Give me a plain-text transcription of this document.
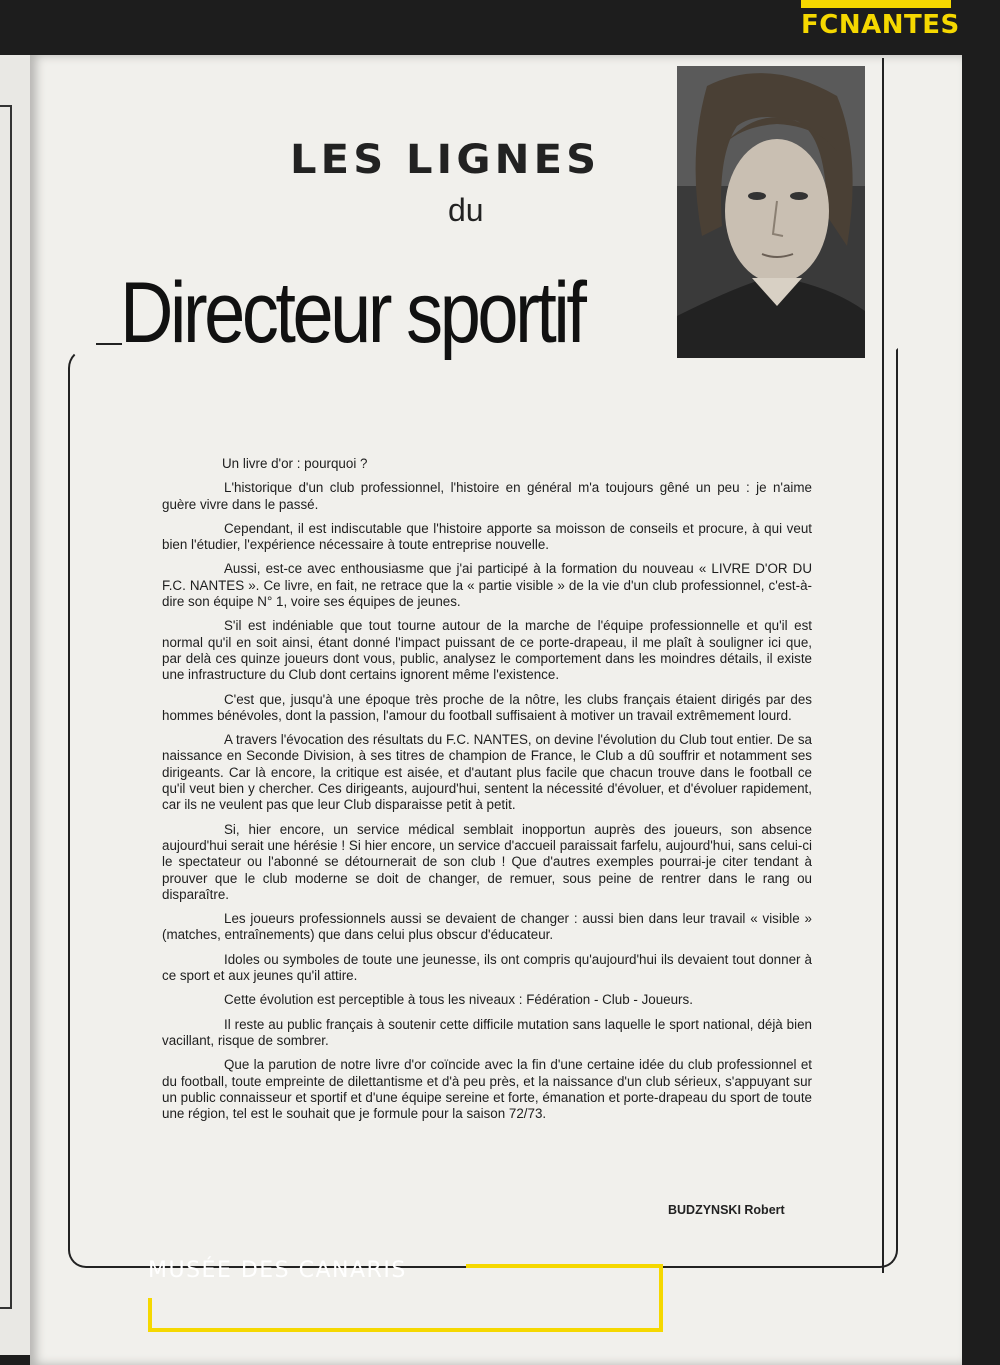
FCNANTES
LES LIGNES
du
Directeur sportif

Un livre d'or : pourquoi ?

L'historique d'un club professionnel, l'histoire en général m'a toujours gêné un peu : je n'aime guère vivre dans le passé.

Cependant, il est indiscutable que l'histoire apporte sa moisson de conseils et procure, à qui veut bien l'étudier, l'expérience nécessaire à toute entreprise nouvelle.

Aussi, est-ce avec enthousiasme que j'ai participé à la formation du nouveau « LIVRE D'OR DU F.C. NANTES ». Ce livre, en fait, ne retrace que la « partie visible » de la vie d'un club professionnel, c'est-à-dire son équipe N° 1, voire ses équipes de jeunes.

S'il est indéniable que tout tourne autour de la marche de l'équipe professionnelle et qu'il est normal qu'il en soit ainsi, étant donné l'impact puissant de ce porte-drapeau, il me plaît à souligner ici que, par delà ces quinze joueurs dont vous, public, analysez le comportement dans les moindres détails, il existe une infrastructure du Club dont certains ignorent même l'existence.

C'est que, jusqu'à une époque très proche de la nôtre, les clubs français étaient dirigés par des hommes bénévoles, dont la passion, l'amour du football suffisaient à motiver un travail extrêmement lourd.

A travers l'évocation des résultats du F.C. NANTES, on devine l'évolution du Club tout entier. De sa naissance en Seconde Division, à ses titres de champion de France, le Club a dû souffrir et notamment ses dirigeants. Car là encore, la critique est aisée, et d'autant plus facile que chacun trouve dans le football ce qu'il veut bien y chercher. Ces dirigeants, aujourd'hui, sentent la nécessité d'évoluer, et d'évoluer rapidement, car ils ne veulent pas que leur Club disparaisse petit à petit.

Si, hier encore, un service médical semblait inopportun auprès des joueurs, son absence aujourd'hui serait une hérésie ! Si hier encore, un service d'accueil paraissait farfelu, aujourd'hui, sans celui-ci le spectateur ou l'abonné se détournerait de son club ! Que d'autres exemples pourrai-je citer tendant à prouver que le club moderne se doit de changer, de remuer, sous peine de rentrer dans le rang ou disparaître.

Les joueurs professionnels aussi se devaient de changer : aussi bien dans leur travail « visible » (matches, entraînements) que dans celui plus obscur d'éducateur.

Idoles ou symboles de toute une jeunesse, ils ont compris qu'aujourd'hui ils devaient tout donner à ce sport et aux jeunes qu'il attire.

Cette évolution est perceptible à tous les niveaux : Fédération - Club - Joueurs.

Il reste au public français à soutenir cette difficile mutation sans laquelle le sport national, déjà bien vacillant, risque de sombrer.

Que la parution de notre livre d'or coïncide avec la fin d'une certaine idée du club professionnel et du football, toute empreinte de dilettantisme et d'à peu près, et la naissance d'un club sérieux, s'appuyant sur un public connaisseur et sportif et d'une équipe sereine et forte, émanation et porte-drapeau du sport de toute une région, tel est le souhait que je formule pour la saison 72/73.

BUDZYNSKI Robert
MUSÉE DES CANARIS
